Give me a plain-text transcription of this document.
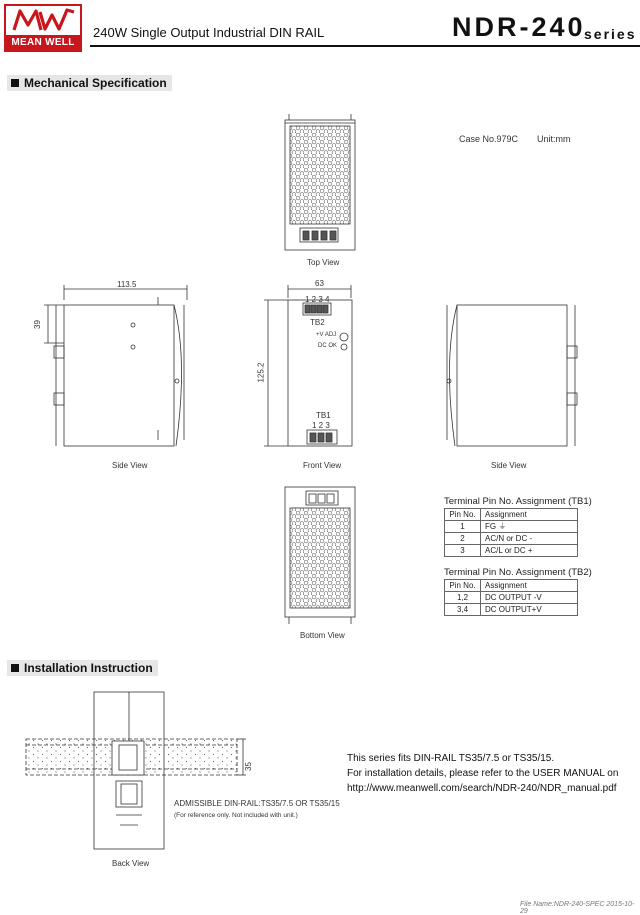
MEAN WELL
240W Single Output Industrial DIN RAIL	NDR-240
series
Mechanical Specification
Case No.979C Unit:mm
Top View
113.5	63
39
125.2
1 2 3 4
TB2
+V ADJ
DC OK
TB1
1 2 3
Side View	Front View	Side View
Bottom View
Terminal Pin No. Assignment (TB1)
Pin No.	Assignment
1	FG ⏚
2	AC/N or DC -
3	AC/L or DC +
Terminal Pin No. Assignment (TB2)
Pin No.	Assignment
1,2	DC OUTPUT -V
3,4	DC OUTPUT+V
Installation Instruction
35
ADMISSIBLE DIN-RAIL:TS35/7.5 OR TS35/15
(For reference only. Not included with unit.)
Back View
This series fits DIN-RAIL TS35/7.5 or TS35/15.
For installation details, please refer to the USER MANUAL on
http://www.meanwell.com/search/NDR-240/NDR_manual.pdf
File Name:NDR-240-SPEC 2015-10-29
